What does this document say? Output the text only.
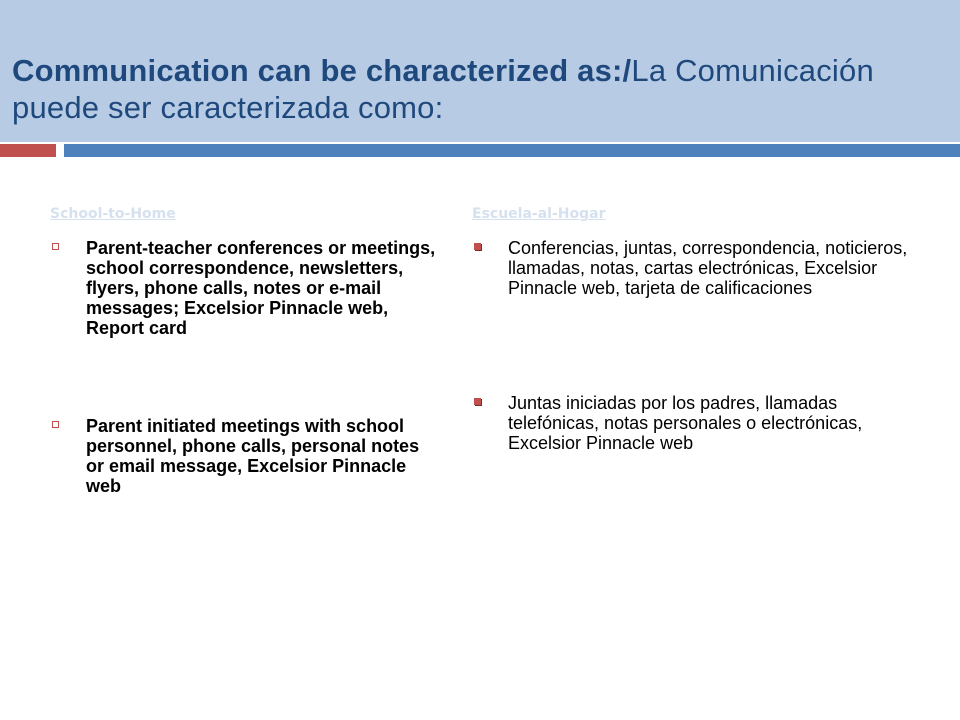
Communication can be characterized as:/La Comunicación puede ser caracterizada como:
School-to-Home
Parent-teacher conferences or meetings, school correspondence, newsletters, flyers, phone calls, notes or e-mail messages; Excelsior Pinnacle web, Report card
Parent initiated meetings with school personnel, phone calls, personal notes or email message, Excelsior Pinnacle web
Escuela-al-Hogar
Conferencias, juntas, correspondencia, noticieros, llamadas, notas, cartas electrónicas, Excelsior Pinnacle web, tarjeta de calificaciones
Juntas iniciadas por los padres, llamadas telefónicas, notas personales o electrónicas, Excelsior Pinnacle web
